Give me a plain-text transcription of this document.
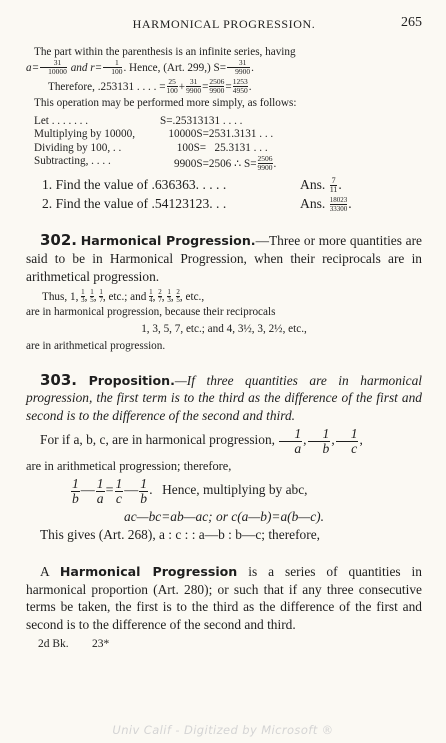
HARMONICAL PROGRESSION.	265
The part within the parenthesis is an infinite series, having
$a= \frac{31}{10000}$ and $r= \frac{1}{100}$ . Hence, (Art. 299,) $S= \frac{31}{9900}$ .
Therefore, .253131 . . . . = $\frac{25}{100} + \frac{31}{9900} = \frac{2506}{9900} = \frac{1253}{4950}$ .
This operation may be performed more simply, as follows:
Let . . . . . . .	S=.25313131 . . . .
Multiplying by 10000,	10000S=2531.3131 . . .
Dividing by 100, . .	100S=   25.3131 . . .
Subtracting, . . . .	9900S=2506 ∴ $S= \frac{2506}{9900}$ .
1. Find the value of .636363. . . . .	Ans. $\frac{7}{11}$ .
2. Find the value of .54123123. . .	Ans. $\frac{18023}{33300}$ .
302. Harmonical Progression.—Three or more quantities are said to be in Harmonical Progression, when their reciprocals are in arithmetical progression.
Thus, 1, $\frac{1}{3}$ , $\frac{1}{5}$ , $\frac{1}{7}$ , etc.; and $\frac{1}{4}$ , $\frac{2}{7}$ , $\frac{1}{3}$ , $\frac{2}{5}$ , etc.,
are in harmonical progression, because their reciprocals
1, 3, 5, 7, etc.; and 4, 3½, 3, 2½, etc.,
are in arithmetical progression.
303. Proposition.—If three quantities are in harmonical progression, the first term is to the third as the difference of the first and second is to the difference of the second and third.
For if a, b, c, are in harmonical progression, $\frac{1}{a}$ , $\frac{1}{b}$ , $\frac{1}{c}$ ,
are in arithmetical progression; therefore,
$\frac{1}{b}$ — $\frac{1}{a} = \frac{1}{c}$ — $\frac{1}{b}$ . Hence, multiplying by abc,
ac—bc=ab—ac; or c(a—b)=a(b—c).
This gives (Art. 268), a : c : : a—b : b—c; therefore,
A Harmonical Progression is a series of quantities in harmonical proportion (Art. 280); or such that if any three consecutive terms be taken, the first is to the third as the difference of the first and second is to the difference of the second and third.
2d Bk.	23*
Univ Calif - Digitized by Microsoft ®
